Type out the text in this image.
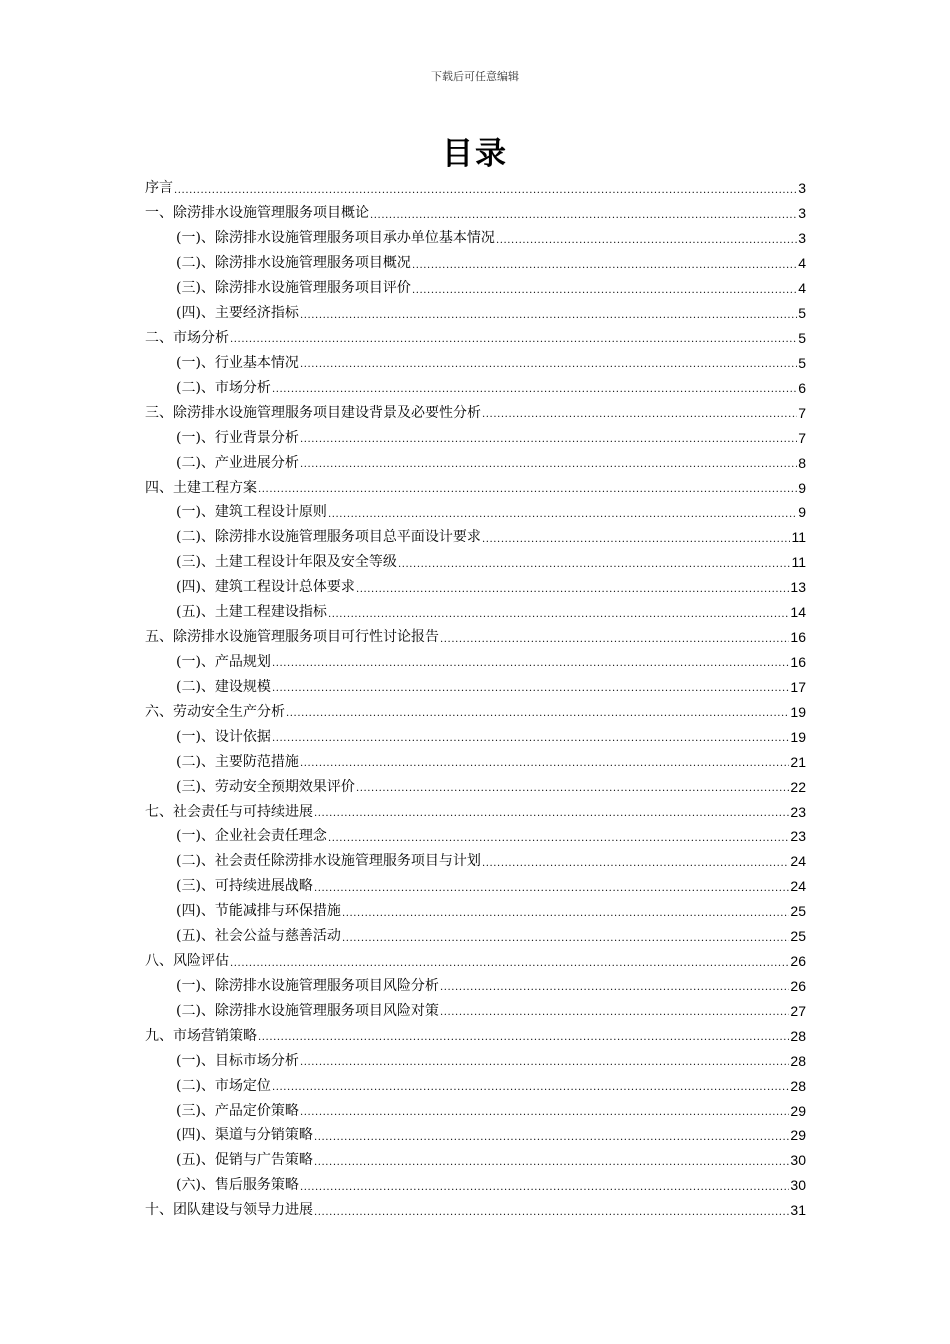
下载后可任意编辑
目录
序言 .....	3
一、除涝排水设施管理服务项目概论 .....	3
(一)、除涝排水设施管理服务项目承办单位基本情况 .....	3
(二)、除涝排水设施管理服务项目概况 .....	4
(三)、除涝排水设施管理服务项目评价 .....	4
(四)、主要经济指标 .....	5
二、市场分析 .....	5
(一)、行业基本情况 .....	5
(二)、市场分析 .....	6
三、除涝排水设施管理服务项目建设背景及必要性分析 .....	7
(一)、行业背景分析 .....	7
(二)、产业进展分析 .....	8
四、土建工程方案 .....	9
(一)、建筑工程设计原则 .....	9
(二)、除涝排水设施管理服务项目总平面设计要求 .....	11
(三)、土建工程设计年限及安全等级 .....	11
(四)、建筑工程设计总体要求 .....	13
(五)、土建工程建设指标 .....	14
五、除涝排水设施管理服务项目可行性讨论报告 .....	16
(一)、产品规划 .....	16
(二)、建设规模 .....	17
六、劳动安全生产分析 .....	19
(一)、设计依据 .....	19
(二)、主要防范措施 .....	21
(三)、劳动安全预期效果评价 .....	22
七、社会责任与可持续进展 .....	23
(一)、企业社会责任理念 .....	23
(二)、社会责任除涝排水设施管理服务项目与计划 .....	24
(三)、可持续进展战略 .....	24
(四)、节能减排与环保措施 .....	25
(五)、社会公益与慈善活动 .....	25
八、风险评估 .....	26
(一)、除涝排水设施管理服务项目风险分析 .....	26
(二)、除涝排水设施管理服务项目风险对策 .....	27
九、市场营销策略 .....	28
(一)、目标市场分析 .....	28
(二)、市场定位 .....	28
(三)、产品定价策略 .....	29
(四)、渠道与分销策略 .....	29
(五)、促销与广告策略 .....	30
(六)、售后服务策略 .....	30
十、团队建设与领导力进展 .....	31
